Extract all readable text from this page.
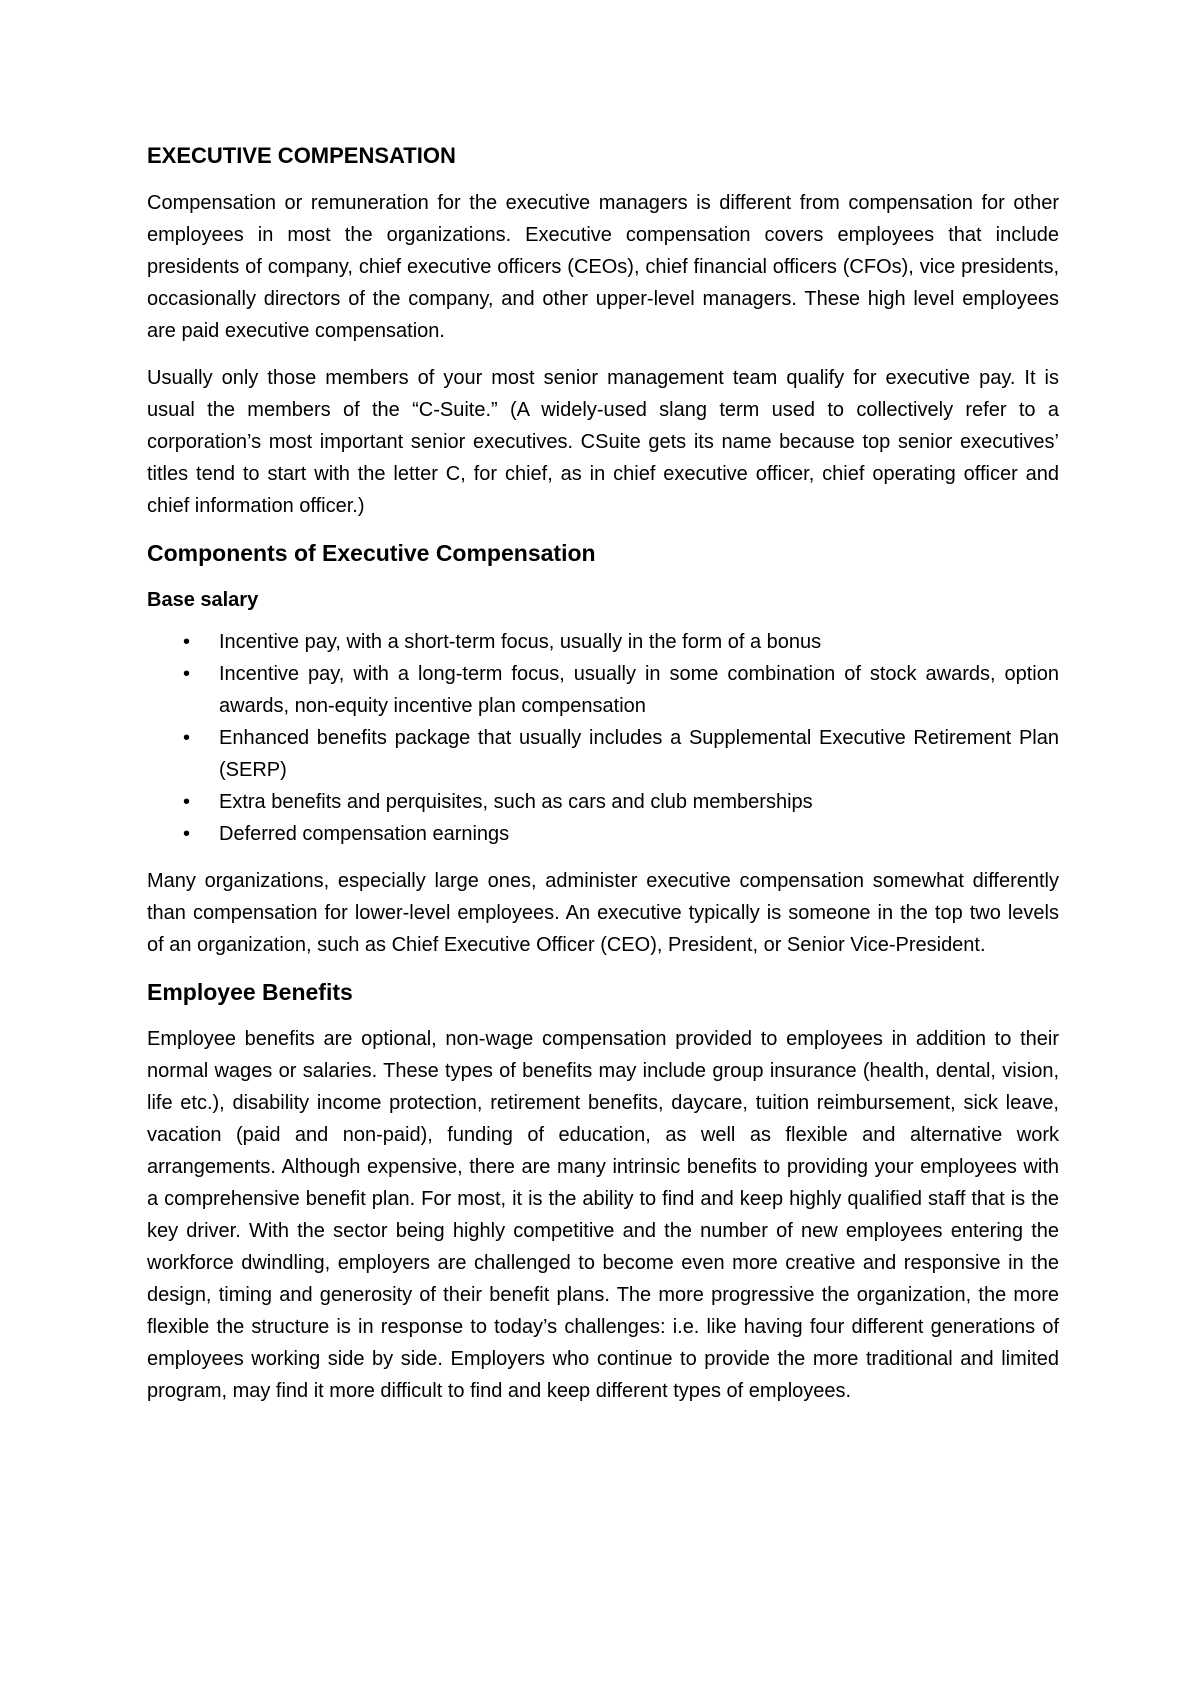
EXECUTIVE COMPENSATION

Compensation or remuneration for the executive managers is different from compensation for other employees in most the organizations. Executive compensation covers employees that include presidents of company, chief executive officers (CEOs), chief financial officers (CFOs), vice presidents, occasionally directors of the company, and other upper-level managers. These high level employees are paid executive compensation.

Usually only those members of your most senior management team qualify for executive pay. It is usual the members of the “C-Suite.” (A widely-used slang term used to collectively refer to a corporation’s most important senior executives. CSuite gets its name because top senior executives’ titles tend to start with the letter C, for chief, as in chief executive officer, chief operating officer and chief information officer.)

Components of Executive Compensation
Base salary
•	Incentive pay, with a short-term focus, usually in the form of a bonus
•	Incentive pay, with a long-term focus, usually in some combination of stock awards, option awards, non-equity incentive plan compensation
•	Enhanced benefits package that usually includes a Supplemental Executive Retirement Plan (SERP)
•	Extra benefits and perquisites, such as cars and club memberships
•	Deferred compensation earnings

Many organizations, especially large ones, administer executive compensation somewhat differently than compensation for lower-level employees. An executive typically is someone in the top two levels of an organization, such as Chief Executive Officer (CEO), President, or Senior Vice-President.

Employee Benefits

Employee benefits are optional, non-wage compensation provided to employees in addition to their normal wages or salaries. These types of benefits may include group insurance (health, dental, vision, life etc.), disability income protection, retirement benefits, daycare, tuition reimbursement, sick leave, vacation (paid and non-paid), funding of education, as well as flexible and alternative work arrangements. Although expensive, there are many intrinsic benefits to providing your employees with a comprehensive benefit plan. For most, it is the ability to find and keep highly qualified staff that is the key driver. With the sector being highly competitive and the number of new employees entering the workforce dwindling, employers are challenged to become even more creative and responsive in the design, timing and generosity of their benefit plans. The more progressive the organization, the more flexible the structure is in response to today’s challenges: i.e. like having four different generations of employees working side by side. Employers who continue to provide the more traditional and limited program, may find it more difficult to find and keep different types of employees.
